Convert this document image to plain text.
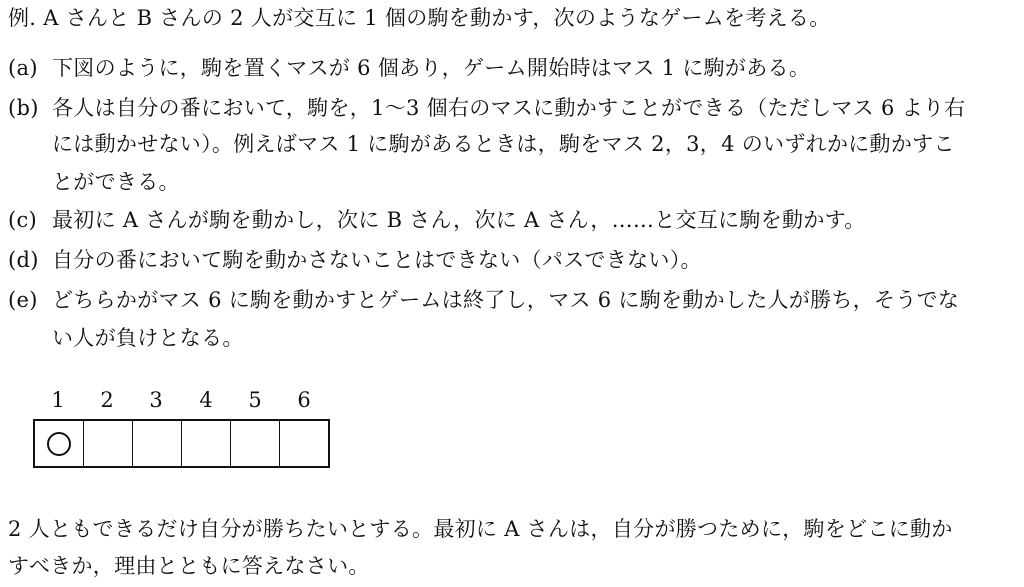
例. A さんと B さんの 2 人が交互に 1 個の駒を動かす，次のようなゲームを考える。
(a) 下図のように，駒を置くマスが 6 個あり，ゲーム開始時はマス 1 に駒がある。
(b) 各人は自分の番において，駒を，1〜3 個右のマスに動かすことができる（ただしマス 6 より右
には動かせない）。例えばマス 1 に駒があるときは，駒をマス 2，3，4 のいずれかに動かすこ
とができる。
(c) 最初に A さんが駒を動かし，次に B さん，次に A さん，……と交互に駒を動かす。
(d) 自分の番において駒を動かさないことはできない（パスできない）。
(e) どちらかがマス 6 に駒を動かすとゲームは終了し，マス 6 に駒を動かした人が勝ち，そうでな
い人が負けとなる。
1	2	3	4	5	6
2 人ともできるだけ自分が勝ちたいとする。最初に A さんは，自分が勝つために，駒をどこに動か
すべきか，理由とともに答えなさい。
